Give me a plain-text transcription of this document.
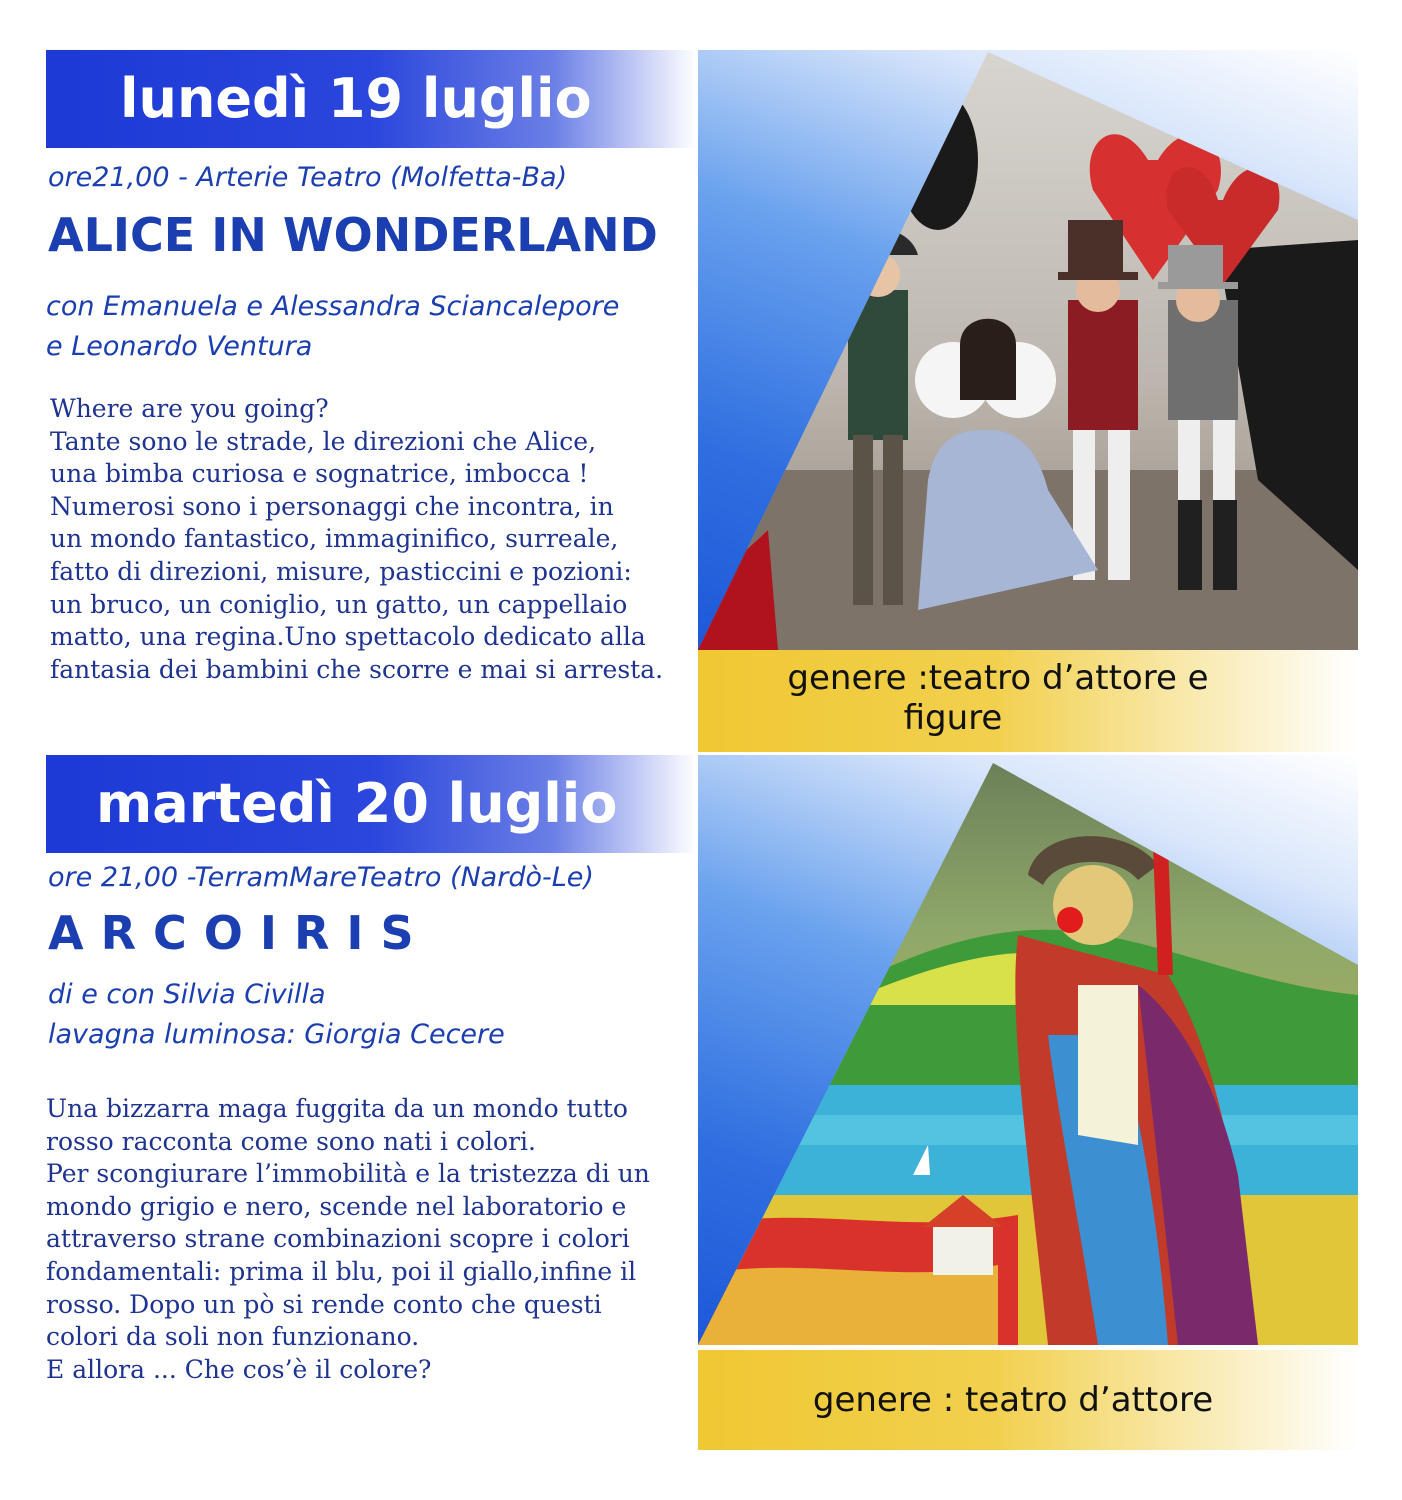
lunedì 19 luglio
ore21,00 - Arterie Teatro (Molfetta-Ba)
ALICE IN WONDERLAND
con Emanuela e Alessandra Sciancalepore
e Leonardo Ventura
Where are you going?
Tante sono le strade, le direzioni che Alice,
una bimba curiosa e sognatrice, imbocca !
Numerosi sono i personaggi che incontra, in
un mondo fantastico, immaginifico, surreale,
fatto di direzioni, misure, pasticcini e pozioni:
un bruco, un coniglio, un gatto, un cappellaio
matto, una regina.Uno spettacolo dedicato alla
fantasia dei bambini che scorre e mai si arresta.	genere :teatro d’attore e
figure
martedì 20 luglio
ore 21,00 -TerramMareTeatro (Nardò-Le)
ARCOIRIS
di e con Silvia Civilla
lavagna luminosa: Giorgia Cecere
Una bizzarra maga fuggita da un mondo tutto
rosso racconta come sono nati i colori.
Per scongiurare l’immobilità e la tristezza di un
mondo grigio e nero, scende nel laboratorio e
attraverso strane combinazioni scopre i colori
fondamentali: prima il blu, poi il giallo,infine il
rosso. Dopo un pò si rende conto che questi
colori da soli non funzionano.
E allora ... Che cos’è il colore?
genere : teatro d’attore
